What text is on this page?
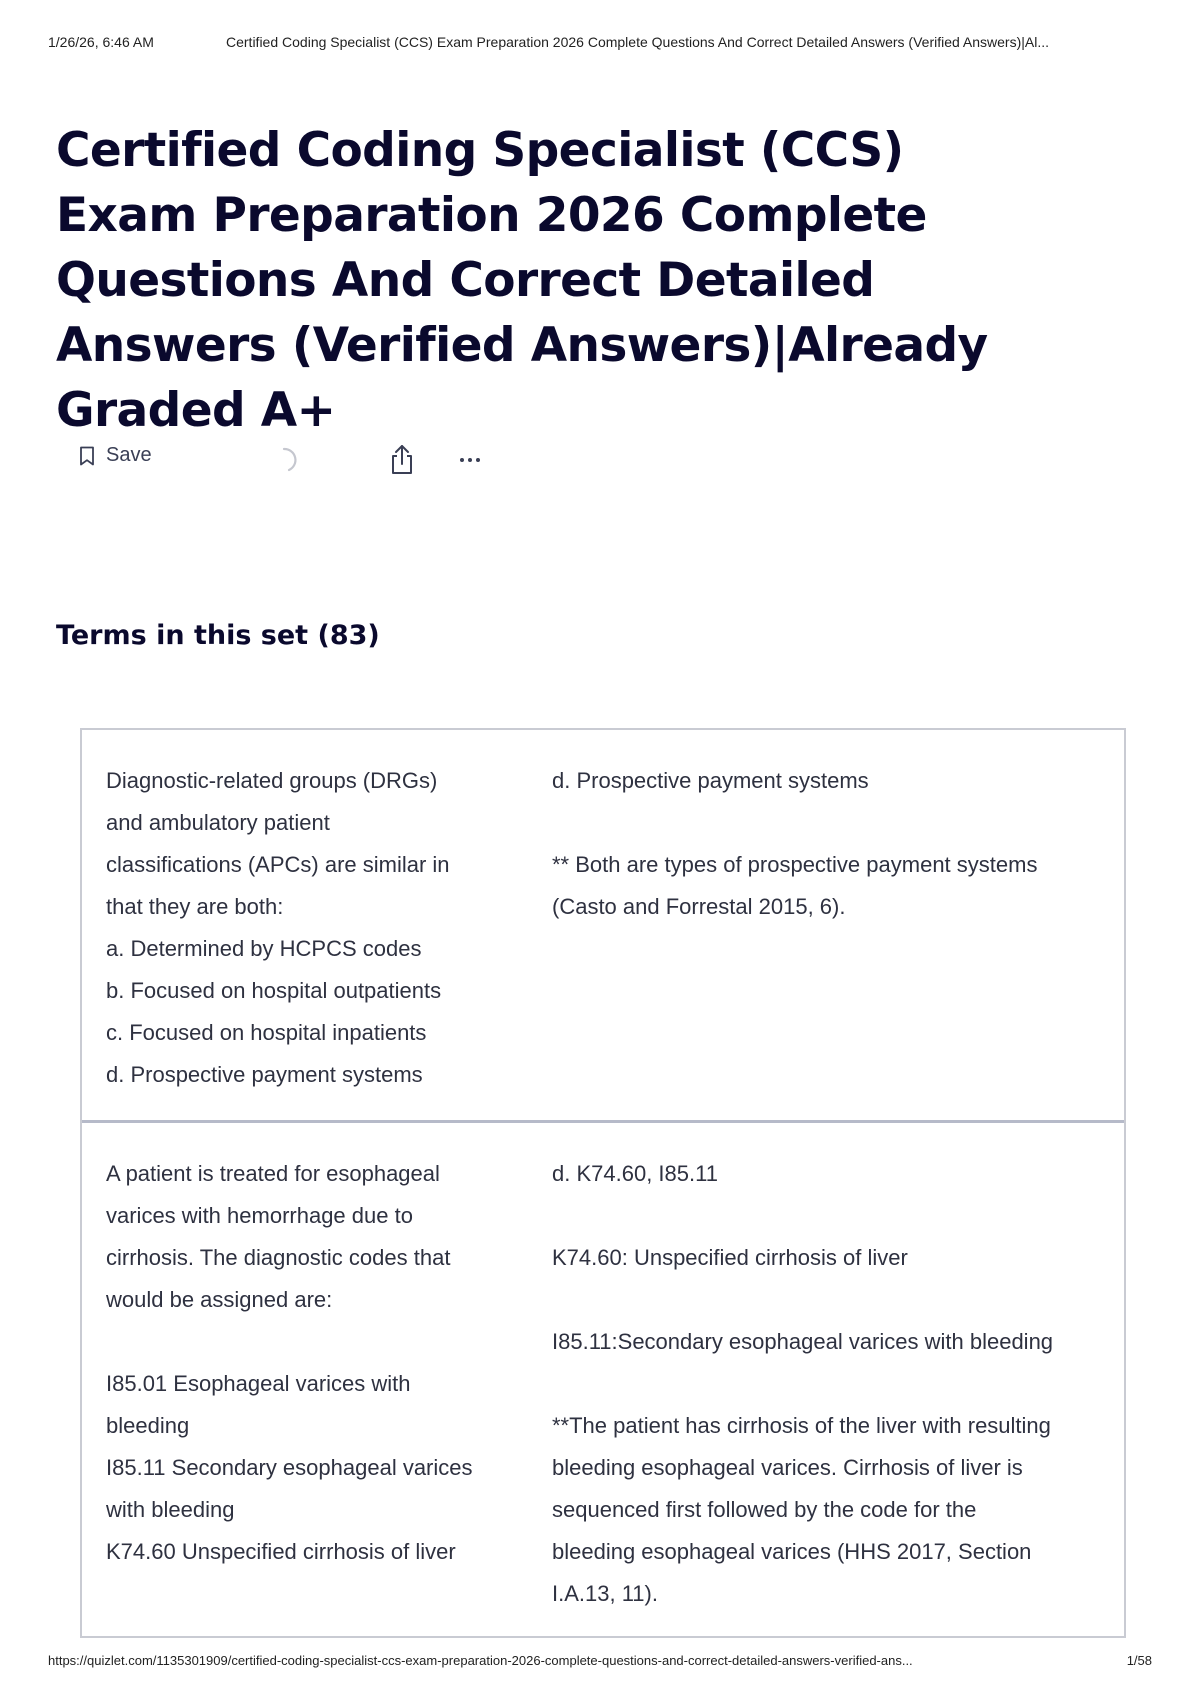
1/26/26, 6:46 AM	Certified Coding Specialist (CCS) Exam Preparation 2026 Complete Questions And Correct Detailed Answers (Verified Answers)|Al...
Certified Coding Specialist (CCS) Exam Preparation 2026 Complete Questions And Correct Detailed Answers (Verified Answers)|Already Graded A+
Save
Terms in this set (83)
Diagnostic-related groups (DRGs)
and ambulatory patient
classifications (APCs) are similar in
that they are both:
a. Determined by HCPCS codes
b. Focused on hospital outpatients
c. Focused on hospital inpatients
d. Prospective payment systems
d. Prospective payment systems
** Both are types of prospective payment systems
(Casto and Forrestal 2015, 6).
A patient is treated for esophageal
varices with hemorrhage due to
cirrhosis. The diagnostic codes that
would be assigned are:
I85.01 Esophageal varices with
bleeding
I85.11 Secondary esophageal varices
with bleeding
K74.60 Unspecified cirrhosis of liver
d. K74.60, I85.11
K74.60: Unspecified cirrhosis of liver
I85.11:Secondary esophageal varices with bleeding
**The patient has cirrhosis of the liver with resulting
bleeding esophageal varices. Cirrhosis of liver is
sequenced first followed by the code for the
bleeding esophageal varices (HHS 2017, Section
I.A.13, 11).
https://quizlet.com/1135301909/certified-coding-specialist-ccs-exam-preparation-2026-complete-questions-and-correct-detailed-answers-verified-ans...	1/58
